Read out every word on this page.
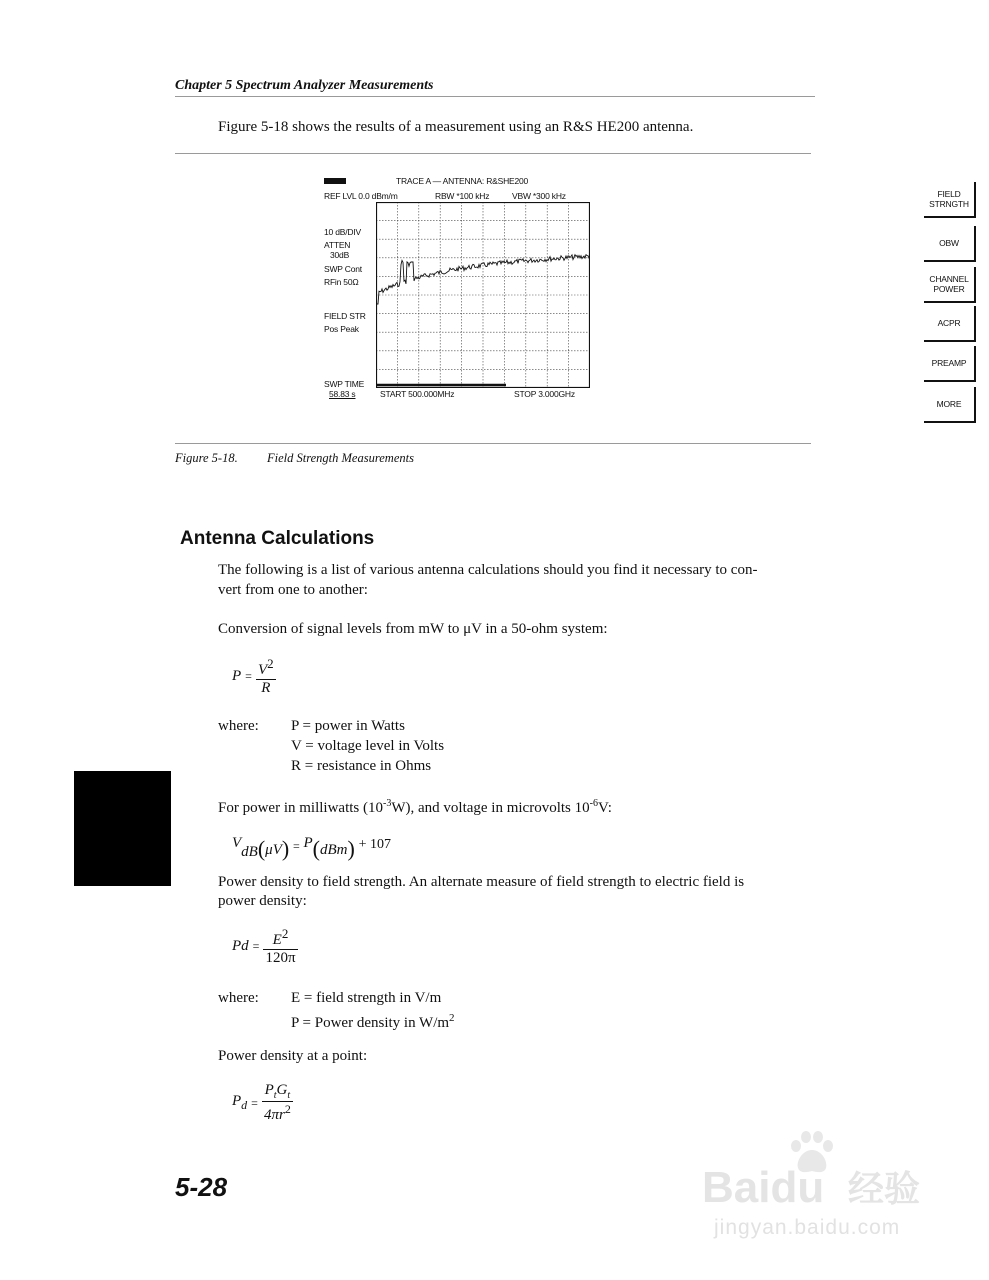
Chapter 5 Spectrum Analyzer Measurements
Figure 5-18 shows the results of a measurement using an R&S HE200 antenna.
TRACE A — ANTENNA: R&SHE200
REF LVL 0.0 dBm/m	RBW *100 kHz	VBW *300 kHz
10 dB/DIV
ATTEN
30dB
SWP Cont
RFin 50Ω
FIELD STR
Pos Peak
SWP TIME
58.83 s	START 500.000MHz	STOP 3.000GHz
FIELD
STRNGTH
OBW
CHANNEL
POWER
ACPR
PREAMP
MORE
Figure 5-18. Field Strength Measurements
Antenna Calculations
The following is a list of various antenna calculations should you find it necessary to con-
vert from one to another:
Conversion of signal levels from mW to μV in a 50-ohm system:
$P = \frac{V^2}{R}$
where: P = power in Watts
V = voltage level in Volts
R = resistance in Ohms
For power in milliwatts $(10^{-3}W)$, and voltage in microvolts $10^{-6}V$:
VdB(μV) = P(dBm) + 107
Power density to field strength. An alternate measure of field strength to electric field is
power density:
$Pd = \frac{E^2}{120\pi}$
where: E = field strength in V/m
P = Power density in $W/m^2$
Power density at a point:
$P_d = \frac{P_tG_t}{4\pi r^2}$
5-28	Baidu 经验
jingyan.baidu.com
